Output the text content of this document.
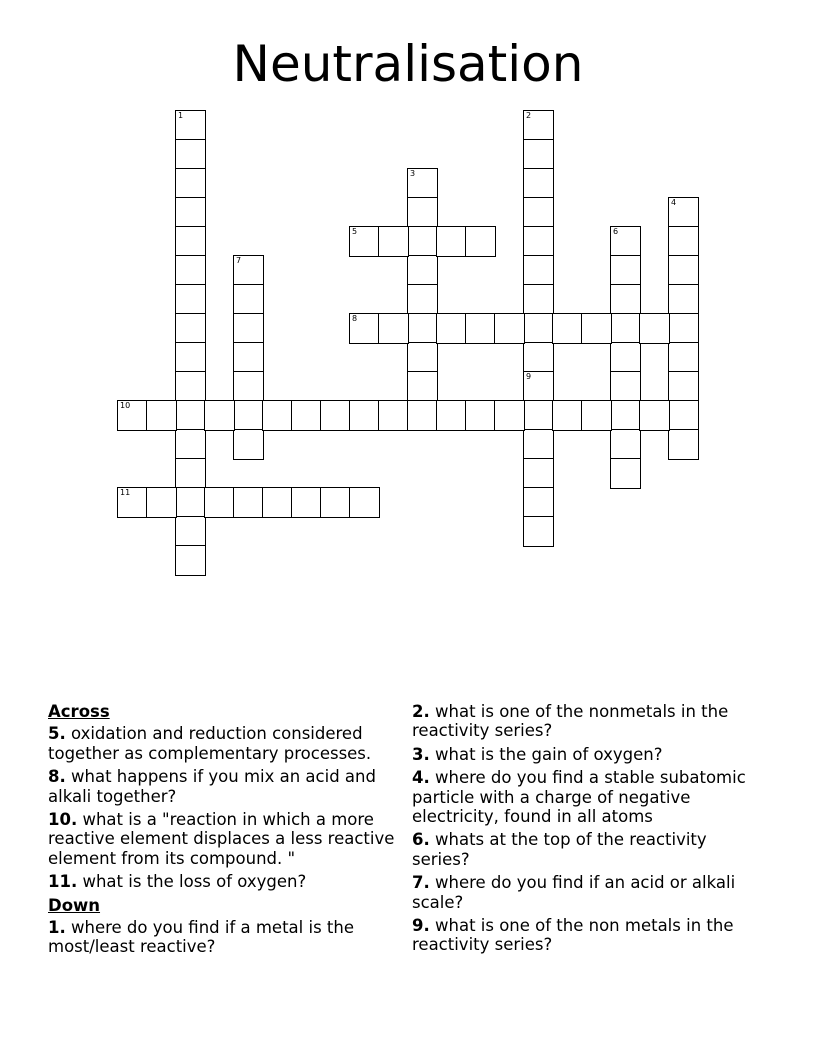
Neutralisation
1	2
9
3
4
5	6
7
8
10
11
Across
5. oxidation and reduction considered together as complementary processes.
8. what happens if you mix an acid and alkali together?
10. what is a "reaction in which a more reactive element displaces a less reactive element from its compound. "
11. what is the loss of oxygen?
Down
1. where do you find if a metal is the most/least reactive?
2. what is one of the nonmetals in the reactivity series?
3. what is the gain of oxygen?
4. where do you find a stable subatomic particle with a charge of negative electricity, found in all atoms
6. whats at the top of the reactivity series?
7. where do you find if an acid or alkali scale?
9. what is one of the non metals in the reactivity series?
